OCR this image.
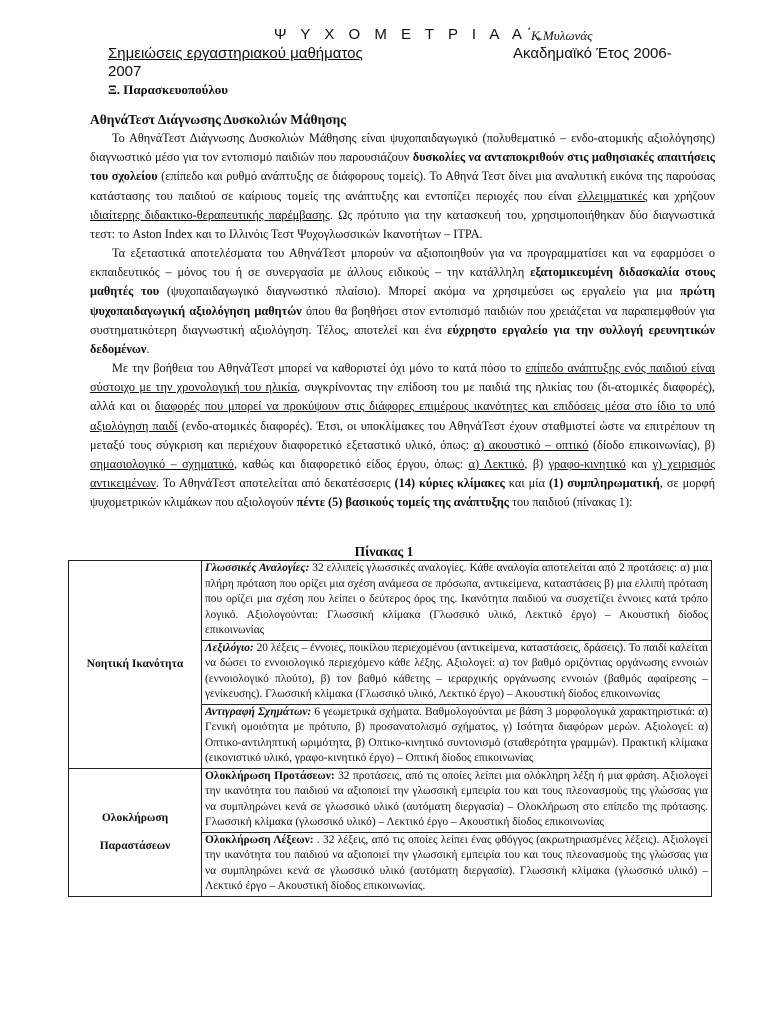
Ψ Υ Χ Ο Μ Ε Τ Ρ Ι Α Α΄,
Κ.Μυλωνάς
Σημειώσεις εργαστηριακού μαθήματος	Ακαδημαϊκό Έτος 2006-
2007
Ξ. Παρασκευοπούλου
ΑθηνάΤεστ Διάγνωσης Δυσκολιών Μάθησης

Το ΑθηνάΤεστ Διάγνωσης Δυσκολιών Μάθησης είναι ψυχοπαιδαγωγικό (πολυθεματικό – ενδο-ατομικής αξιολόγησης) διαγνωστικό μέσο για τον εντοπισμό παιδιών που παρουσιάζουν δυσκολίες να ανταποκριθούν στις μαθησιακές απαιτήσεις του σχολείου (επίπεδο και ρυθμό ανάπτυξης σε διάφορους τομείς). Το Αθηνά Τεστ δίνει μια αναλυτική εικόνα της παρούσας κατάστασης του παιδιού σε καίριους τομείς της ανάπτυξης και εντοπίζει περιοχές που είναι ελλειμματικές και χρήζουν ιδιαίτερης διδακτικο-θεραπευτικής παρέμβασης. Ως πρότυπο για την κατασκευή του, χρησιμοποιήθηκαν δύο διαγνωστικά τεστ: το Aston Index και το Ιλλινόις Τεστ Ψυχογλωσσικών Ικανοτήτων – ΙΤΡΑ.

Τα εξεταστικά αποτελέσματα του ΑθηνάΤεστ μπορούν να αξιοποιηθούν για να προγραμματίσει και να εφαρμόσει ο εκπαιδευτικός – μόνος του ή σε συνεργασία με άλλους ειδικούς – την κατάλληλη εξατομικευμένη διδασκαλία στους μαθητές του (ψυχοπαιδαγωγικό διαγνωστικό πλαίσιο). Μπορεί ακόμα να χρησιμεύσει ως εργαλείο για μια πρώτη ψυχοπαιδαγωγική αξιολόγηση μαθητών όπου θα βοηθήσει στον εντοπισμό παιδιών που χρειάζεται να παραπεμφθούν για συστηματικότερη διαγνωστική αξιολόγηση. Τέλος, αποτελεί και ένα εύχρηστο εργαλείο για την συλλογή ερευνητικών δεδομένων.

Με την βοήθεια του ΑθηνάΤεστ μπορεί να καθοριστεί όχι μόνο το κατά πόσο το επίπεδο ανάπτυξης ενός παιδιού είναι σύστοιχο με την χρονολογική του ηλικία, συγκρίνοντας την επίδοση του με παιδιά της ηλικίας του (δι-ατομικές διαφορές), αλλά και οι διαφορές που μπορεί να προκύψουν στις διάφορες επιμέρους ικανότητες και επιδόσεις μέσα στο ίδιο το υπό αξιολόγηση παιδί (ενδο-ατομικές διαφορές). Έτσι, οι υποκλίμακες του ΑθηνάΤεστ έχουν σταθμιστεί ώστε να επιτρέπουν τη μεταξύ τους σύγκριση και περιέχουν διαφορετικό εξεταστικό υλικό, όπως: α) ακουστικό – οπτικό (δίοδο επικοινωνίας), β) σημασιολογικό – σχηματικό, καθώς και διαφορετικό είδος έργου, όπως: α) Λεκτικό, β) γραφο-κινητικό και γ) χειρισμός αντικειμένων. Το ΑθηνάΤεστ αποτελείται από δεκατέσσερις (14) κύριες κλίμακες και μία (1) συμπληρωματική, σε μορφή ψυχομετρικών κλιμάκων που αξιολογούν πέντε (5) βασικούς τομείς της ανάπτυξης του παιδιού (πίνακας 1):

Πίνακας 1
Νοητική Ικανότητα	Γλωσσικές Αναλογίες: 32 ελλιπείς γλωσσικές αναλογίες. Κάθε αναλογία αποτελείται από 2 προτάσεις: α) μια πλήρη πρόταση που ορίζει μια σχέση ανάμεσα σε πρόσωπα, αντικείμενα, καταστάσεις β) μια ελλιπή πρόταση που ορίζει μια σχέση που λείπει ο δεύτερος όρος της. Ικανότητα παιδιού να συσχετίζει έννοιες κατά τρόπο λογικό. Αξιολογούνται: Γλωσσική κλίμακα (Γλωσσικό υλικό, Λεκτικό έργο) – Ακουστική δίοδος επικοινωνίας
	Λεξιλόγιο: 20 λέξεις – έννοιες, ποικίλου περιεχομένου (αντικείμενα, καταστάσεις, δράσεις). Το παιδί καλείται να δώσει το εννοιολογικό περιεχόμενο κάθε λέξης. Αξιολογεί: α) τον βαθμό οριζόντιας οργάνωσης εννοιών (εννοιολογικό πλούτο), β) τον βαθμό κάθετης – ιεραρχικής οργάνωσης εννοιών (βαθμός αφαίρεσης – γενίκευσης). Γλωσσική κλίμακα (Γλωσσικό υλικό, Λεκτικό έργο) – Ακουστική δίοδος επικοινωνίας
	Αντιγραφή Σχημάτων: 6 γεωμετρικά σχήματα. Βαθμολογούνται με βάση 3 μορφολογικά χαρακτηριστικά: α) Γενική ομοιότητα με πρότυπο, β) προσανατολισμό σχήματος, γ) Ισότητα διαφόρων μερών. Αξιολογεί: α) Οπτικο-αντιληπτική ωριμότητα, β) Οπτικο-κινητικό συντονισμό (σταθερότητα γραμμών). Πρακτική κλίμακα (εικονιστικό υλικό, γραφο-κινητικό έργο) – Οπτική δίοδος επικοινωνίας
Ολοκλήρωση
Παραστάσεων	Ολοκλήρωση Προτάσεων: 32 προτάσεις, από τις οποίες λείπει μια ολόκληρη λέξη ή μια φράση. Αξιολογεί την ικανότητα του παιδιού να αξιοποιεί την γλωσσική εμπειρία του και τους πλεονασμούς της γλώσσας για να συμπληρώνει κενά σε γλωσσικό υλικό (αυτόματη διεργασία) – Ολοκλήρωση στο επίπεδο της πρότασης. Γλωσσική κλίμακα (γλωσσικό υλικό) – Λεκτικό έργο – Ακουστική δίοδος επικοινωνίας
	Ολοκλήρωση Λέξεων: . 32 λέξεις, από τις οποίες λείπει ένας φθόγγος (ακρωτηριασμένες λέξεις). Αξιολογεί την ικανότητα του παιδιού να αξιοποιεί την γλωσσική εμπειρία του και τους πλεονασμούς της γλώσσας για να συμπληρώνει κενά σε γλωσσικό υλικό (αυτόματη διεργασία). Γλωσσική κλίμακα (γλωσσικό υλικό) – Λεκτικό έργο – Ακουστική δίοδος επικοινωνίας.
